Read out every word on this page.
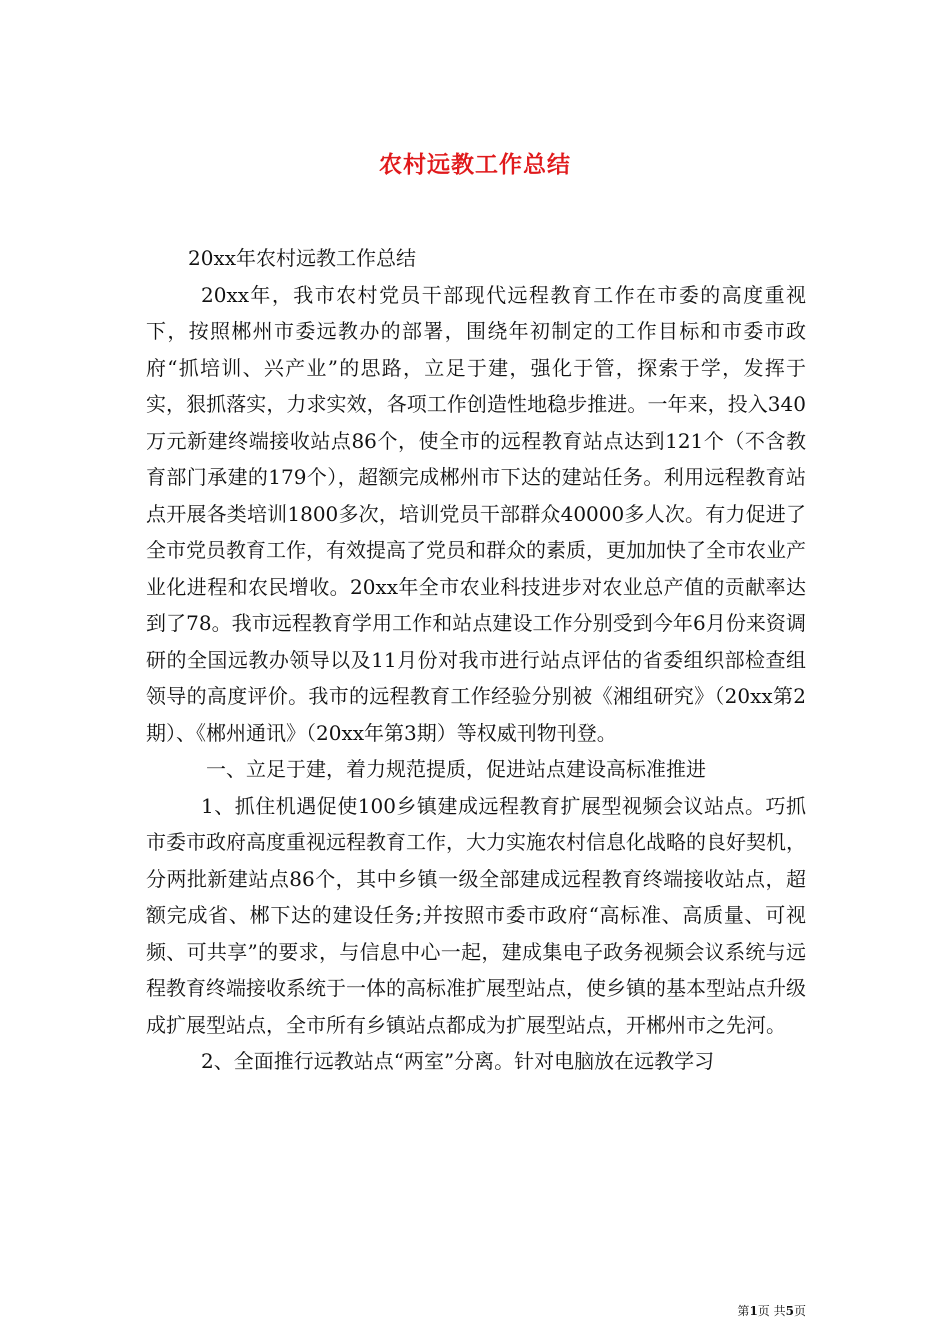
农村远教工作总结

20xx年农村远教工作总结

20xx年，我市农村党员干部现代远程教育工作在市委的高度重视下，按照郴州市委远教办的部署，围绕年初制定的工作目标和市委市政府“抓培训、兴产业”的思路，立足于建，强化于管，探索于学，发挥于实，狠抓落实，力求实效，各项工作创造性地稳步推进。一年来，投入340万元新建终端接收站点86个，使全市的远程教育站点达到121个（不含教育部门承建的179个），超额完成郴州市下达的建站任务。利用远程教育站点开展各类培训1800多次，培训党员干部群众40000多人次。有力促进了全市党员教育工作，有效提高了党员和群众的素质，更加加快了全市农业产业化进程和农民增收。20xx年全市农业科技进步对农业总产值的贡献率达到了78。我市远程教育学用工作和站点建设工作分别受到今年6月份来资调研的全国远教办领导以及11月份对我市进行站点评估的省委组织部检查组领导的高度评价。我市的远程教育工作经验分别被《湘组研究》（20xx第2期）、《郴州通讯》（20xx年第3期）等权威刊物刊登。

一、立足于建，着力规范提质，促进站点建设高标准推进

1、抓住机遇促使100乡镇建成远程教育扩展型视频会议站点。巧抓市委市政府高度重视远程教育工作，大力实施农村信息化战略的良好契机，分两批新建站点86个，其中乡镇一级全部建成远程教育终端接收站点，超额完成省、郴下达的建设任务;并按照市委市政府“高标准、高质量、可视频、可共享”的要求，与信息中心一起，建成集电子政务视频会议系统与远程教育终端接收系统于一体的高标准扩展型站点，使乡镇的基本型站点升级成扩展型站点，全市所有乡镇站点都成为扩展型站点，开郴州市之先河。

2、全面推行远教站点“两室”分离。针对电脑放在远教学习

第1页 共5页
